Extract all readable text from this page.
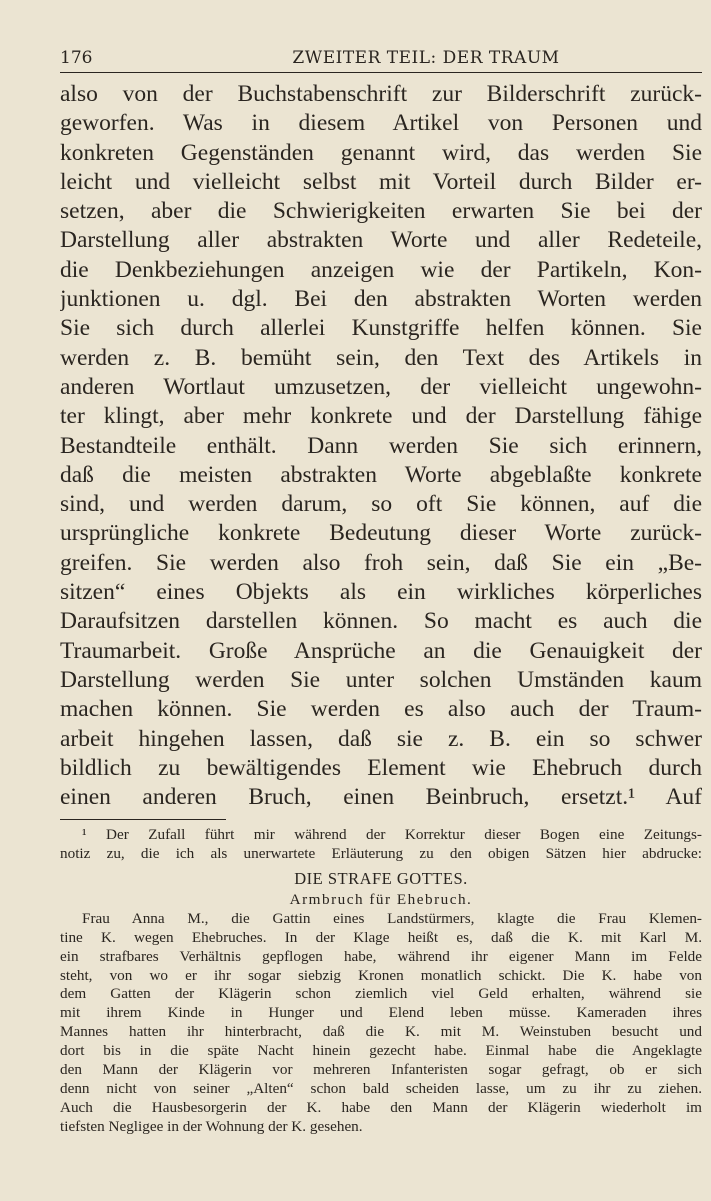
176	ZWEITER TEIL: DER TRAUM
also von der Buchstabenschrift zur Bilderschrift zurück-
geworfen. Was in diesem Artikel von Personen und
konkreten Gegenständen genannt wird, das werden Sie
leicht und vielleicht selbst mit Vorteil durch Bilder er-
setzen, aber die Schwierigkeiten erwarten Sie bei der
Darstellung aller abstrakten Worte und aller Redeteile,
die Denkbeziehungen anzeigen wie der Partikeln, Kon-
junktionen u. dgl. Bei den abstrakten Worten werden
Sie sich durch allerlei Kunstgriffe helfen können. Sie
werden z. B. bemüht sein, den Text des Artikels in
anderen Wortlaut umzusetzen, der vielleicht ungewohn-
ter klingt, aber mehr konkrete und der Darstellung fähige
Bestandteile enthält. Dann werden Sie sich erinnern,
daß die meisten abstrakten Worte abgeblaßte konkrete
sind, und werden darum, so oft Sie können, auf die
ursprüngliche konkrete Bedeutung dieser Worte zurück-
greifen. Sie werden also froh sein, daß Sie ein „Be-
sitzen“ eines Objekts als ein wirkliches körperliches
Daraufsitzen darstellen können. So macht es auch die
Traumarbeit. Große Ansprüche an die Genauigkeit der
Darstellung werden Sie unter solchen Umständen kaum
machen können. Sie werden es also auch der Traum-
arbeit hingehen lassen, daß sie z. B. ein so schwer
bildlich zu bewältigendes Element wie Ehebruch durch
einen anderen Bruch, einen Beinbruch, ersetzt.¹ Auf
¹ Der Zufall führt mir während der Korrektur dieser Bogen eine Zeitungs-
notiz zu, die ich als unerwartete Erläuterung zu den obigen Sätzen hier abdrucke:
DIE STRAFE GOTTES.
Armbruch für Ehebruch.
Frau Anna M., die Gattin eines Landstürmers, klagte die Frau Klemen-
tine K. wegen Ehebruches. In der Klage heißt es, daß die K. mit Karl M.
ein strafbares Verhältnis gepflogen habe, während ihr eigener Mann im Felde
steht, von wo er ihr sogar siebzig Kronen monatlich schickt. Die K. habe von
dem Gatten der Klägerin schon ziemlich viel Geld erhalten, während sie
mit ihrem Kinde in Hunger und Elend leben müsse. Kameraden ihres
Mannes hatten ihr hinterbracht, daß die K. mit M. Weinstuben besucht und
dort bis in die späte Nacht hinein gezecht habe. Einmal habe die Angeklagte
den Mann der Klägerin vor mehreren Infanteristen sogar gefragt, ob er sich
denn nicht von seiner „Alten“ schon bald scheiden lasse, um zu ihr zu ziehen.
Auch die Hausbesorgerin der K. habe den Mann der Klägerin wiederholt im
tiefsten Negligee in der Wohnung der K. gesehen.
